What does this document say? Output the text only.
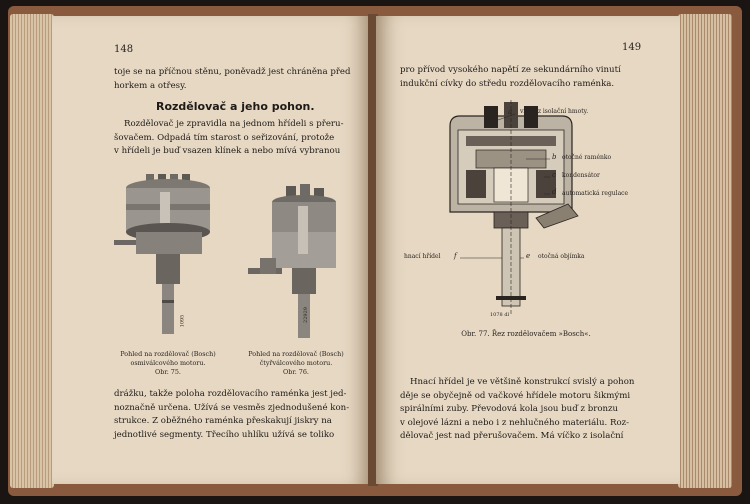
148
toje se na příčnou stěnu, poněvadž jest chráněna před
horkem a otřesy.
Rozdělovač a jeho pohon.
Rozdělovač je zpravidla na jednom hřídeli s přeru-
šovačem. Odpadá tím starost o seřizování, protože
v hřídeli je buď vsazen klínek a nebo mívá vybranou
1095
Pohled na rozdělovač (Bosch)
osmiválcového motoru.
Obr. 75.
22929
Pohled na rozdělovač (Bosch)
čtyřválcového motoru.
Obr. 76.
drážku, takže poloha rozdělovacího raménka jest jed-
noznačně určena. Užívá se vesměs zjednodušené kon-
strukce. Z oběžného raménka přeskakují jiskry na
jednotlivé segmenty. Třecího uhlíku užívá se toliko
149
pro přívod vysokého napětí ze sekundárního vinutí
indukční cívky do středu rozdělovacího raménka.
víčko z isolační hmoty.
a
b otočné raménko
c kondensátor
d automatická regulace
hnací hřídel f	e otočná objímka
1078 dl
Obr. 77. Řez rozdělovačem »Bosch«.
Hnací hřídel je ve většině konstrukcí svislý a pohon
děje se obyčejně od vačkové hřídele motoru šikmými
spirálními zuby. Převodová kola jsou buď z bronzu
v olejové lázni a nebo i z nehlučného materiálu. Roz-
dělovač jest nad přerušovačem. Má víčko z isolační
